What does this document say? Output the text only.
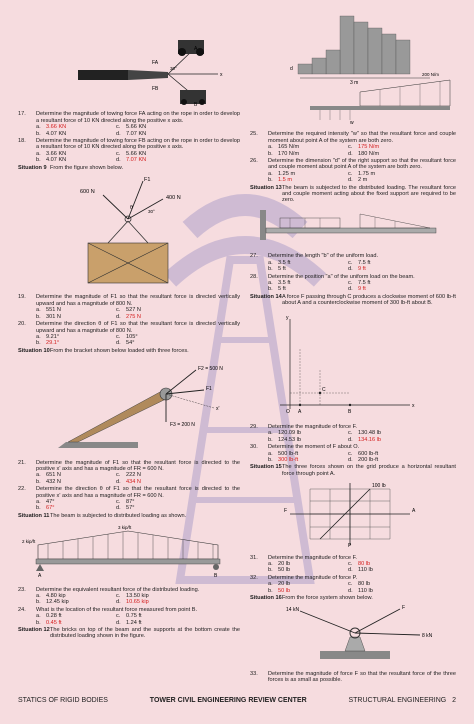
FA
FB
30°
x
A
B
17.	Determine the magnitude of towing force FA acting on the rope in order to develop a resultant force of 10 KN directed along the positive x axis.
a. 3.66 KN	c.	5.66 KN
b. 4.07 KN	d. 7.07 KN
18.	Determine the magnitude of towing force FB acting on the rope in order to develop a resultant force of 10 KN directed along the positive x axis.
a. 3.66 KN	c.	5.66 KN
b. 4.07 KN	d. 7.07 KN
Situation 9 From the figure shown below.
600 N
F1
400 N
θ
30°
19.	Determine the magnitude of F1 so that the resultant force is directed vertically upward and has a magnitude of 800 N.
a. 551 N	c.	527 N
b. 301 N	d. 275 N
20.	Determine the direction θ of F1 so that the resultant force is directed vertically upward and has a magnitude of 800 N.
a. 9.21°	c.	105°
b. 29.1°	d. 54°
Situation 10 From the bracket shown below loaded with three forces.
F2 = 500 N
F1
F3 = 200 N
x'
21.	Determine the magnitude of F1 so that the resultant force is directed to the positive x' axis and has a magnitude of FR = 600 N.
a. 651 N	c.	222 N
b. 432 N	d. 434 N
22.	Determine the direction θ of F1 so that the resultant force is directed to the positive x' axis and has a magnitude of FR = 600 N.
a. 47°	c.	87°
b. 67°	d. 57°
Situation 11 The beam is subjected to distributed loading as shown.
A	B
2 kip/ft
3 kip/ft
23.	Determine the equivalent resultant force of the distributed loading.
a. 4.80 kip	c.	13.50 kip
b. 12.45 kip	d. 10.65 kip
24.	What is the location of the resultant force measured from point B.
a. 0.28 ft	c.	0.75 ft
b. 0.45 ft	d. 1.24 ft
Situation 12 The bricks on top of the beam and the supports at the bottom create the distributed loading shown in the figure.
3 m
200 N/m
w
d
25.	Determine the required intensity "w" so that the resultant force and couple moment about point A of the system are both zero.
a. 165 N/m	c.	175 N/m
b. 170 N/m	d. 180 N/m
26.	Determine the dimension "d" of the right support so that the resultant force and couple moment about point A of the system are both zero.
a. 1.25 m	c.	1.75 m
b. 1.5 m	d. 2 m
Situation 13 The beam is subjected to the distributed loading. The resultant force and couple moment acting about the fixed support are required to be zero.
27.	Determine the length "b" of the uniform load.
a. 3.5 ft	c.	7.5 ft
b. 5 ft	d. 9 ft
28.	Determine the position "a" of the uniform load on the beam.
a. 3.5 ft	c.	7.5 ft
b. 5 ft	d. 9 ft
Situation 14 A force F passing through C produces a clockwise moment of 600 lb-ft about A and a counterclockwise moment of 300 lb-ft about B.
O A	B
C
x
y
29.	Determine the magnitude of force F.
a. 120.09 lb	c.	130.48 lb
b. 124.53 lb	d. 134.16 lb
30.	Determine the moment of F about O.
a. 500 lb-ft	c.	600 lb-ft
b. 300 lb-ft	d. 200 lb-ft
Situation 15 The three forces shown on the grid produce a horizontal resultant force through point A.
100 lb
F
P
A
31.	Determine the magnitude of force F.
a. 20 lb	c.	80 lb
b. 50 lb	d. 110 lb
32.	Determine the magnitude of force P.
a. 20 lb	c.	80 lb
b. 50 lb	d. 110 lb
Situation 16 From the force system shown below.
14 kN
8 kN
F
33.	Determine the magnitude of force F so that the resultant force of the three forces is as small as possible.
STATICS OF RIGID BODIES	TOWER CIVIL ENGINEERING REVIEW CENTER	STRUCTURAL ENGINEERING 2
